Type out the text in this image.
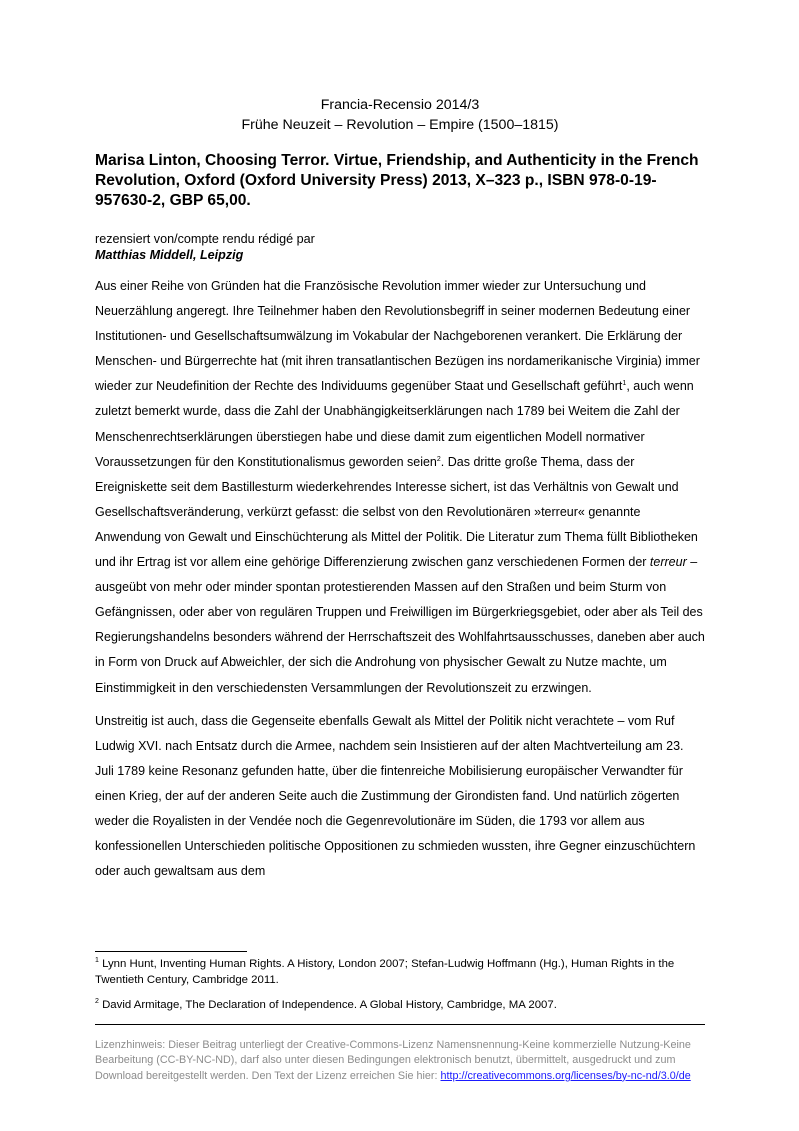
Francia-Recensio 2014/3
Frühe Neuzeit – Revolution – Empire (1500–1815)
Marisa Linton, Choosing Terror. Virtue, Friendship, and Authenticity in the French Revolution, Oxford (Oxford University Press) 2013, X–323 p., ISBN 978-0-19-957630-2, GBP 65,00.
rezensiert von/compte rendu rédigé par
Matthias Middell, Leipzig

Aus einer Reihe von Gründen hat die Französische Revolution immer wieder zur Untersuchung und Neuerzählung angeregt. Ihre Teilnehmer haben den Revolutionsbegriff in seiner modernen Bedeutung einer Institutionen- und Gesellschaftsumwälzung im Vokabular der Nachgeborenen verankert. Die Erklärung der Menschen- und Bürgerrechte hat (mit ihren transatlantischen Bezügen ins nordamerikanische Virginia) immer wieder zur Neudefinition der Rechte des Individuums gegenüber Staat und Gesellschaft geführt$^1$, auch wenn zuletzt bemerkt wurde, dass die Zahl der Unabhängigkeitserklärungen nach 1789 bei Weitem die Zahl der Menschenrechtserklärungen überstiegen habe und diese damit zum eigentlichen Modell normativer Voraussetzungen für den Konstitutionalismus geworden seien$^2$. Das dritte große Thema, dass der Ereigniskette seit dem Bastillesturm wiederkehrendes Interesse sichert, ist das Verhältnis von Gewalt und Gesellschaftsveränderung, verkürzt gefasst: die selbst von den Revolutionären »terreur« genannte Anwendung von Gewalt und Einschüchterung als Mittel der Politik. Die Literatur zum Thema füllt Bibliotheken und ihr Ertrag ist vor allem eine gehörige Differenzierung zwischen ganz verschiedenen Formen der terreur – ausgeübt von mehr oder minder spontan protestierenden Massen auf den Straßen und beim Sturm von Gefängnissen, oder aber von regulären Truppen und Freiwilligen im Bürgerkriegsgebiet, oder aber als Teil des Regierungshandelns besonders während der Herrschaftszeit des Wohlfahrtsausschusses, daneben aber auch in Form von Druck auf Abweichler, der sich die Androhung von physischer Gewalt zu Nutze machte, um Einstimmigkeit in den verschiedensten Versammlungen der Revolutionszeit zu erzwingen.

Unstreitig ist auch, dass die Gegenseite ebenfalls Gewalt als Mittel der Politik nicht verachtete – vom Ruf Ludwig XVI. nach Entsatz durch die Armee, nachdem sein Insistieren auf der alten Machtverteilung am 23. Juli 1789 keine Resonanz gefunden hatte, über die fintenreiche Mobilisierung europäischer Verwandter für einen Krieg, der auf der anderen Seite auch die Zustimmung der Girondisten fand. Und natürlich zögerten weder die Royalisten in der Vendée noch die Gegenrevolutionäre im Süden, die 1793 vor allem aus konfessionellen Unterschieden politische Oppositionen zu schmieden wussten, ihre Gegner einzuschüchtern oder auch gewaltsam aus dem

$^1$ Lynn Hunt, Inventing Human Rights. A History, London 2007; Stefan-Ludwig Hoffmann (Hg.), Human Rights in the Twentieth Century, Cambridge 2011.

$^2$ David Armitage, The Declaration of Independence. A Global History, Cambridge, MA 2007.

Lizenzhinweis: Dieser Beitrag unterliegt der Creative-Commons-Lizenz Namensnennung-Keine kommerzielle Nutzung-Keine Bearbeitung (CC-BY-NC-ND), darf also unter diesen Bedingungen elektronisch benutzt, übermittelt, ausgedruckt und zum Download bereitgestellt werden. Den Text der Lizenz erreichen Sie hier: http://creativecommons.org/licenses/by-nc-nd/3.0/de
